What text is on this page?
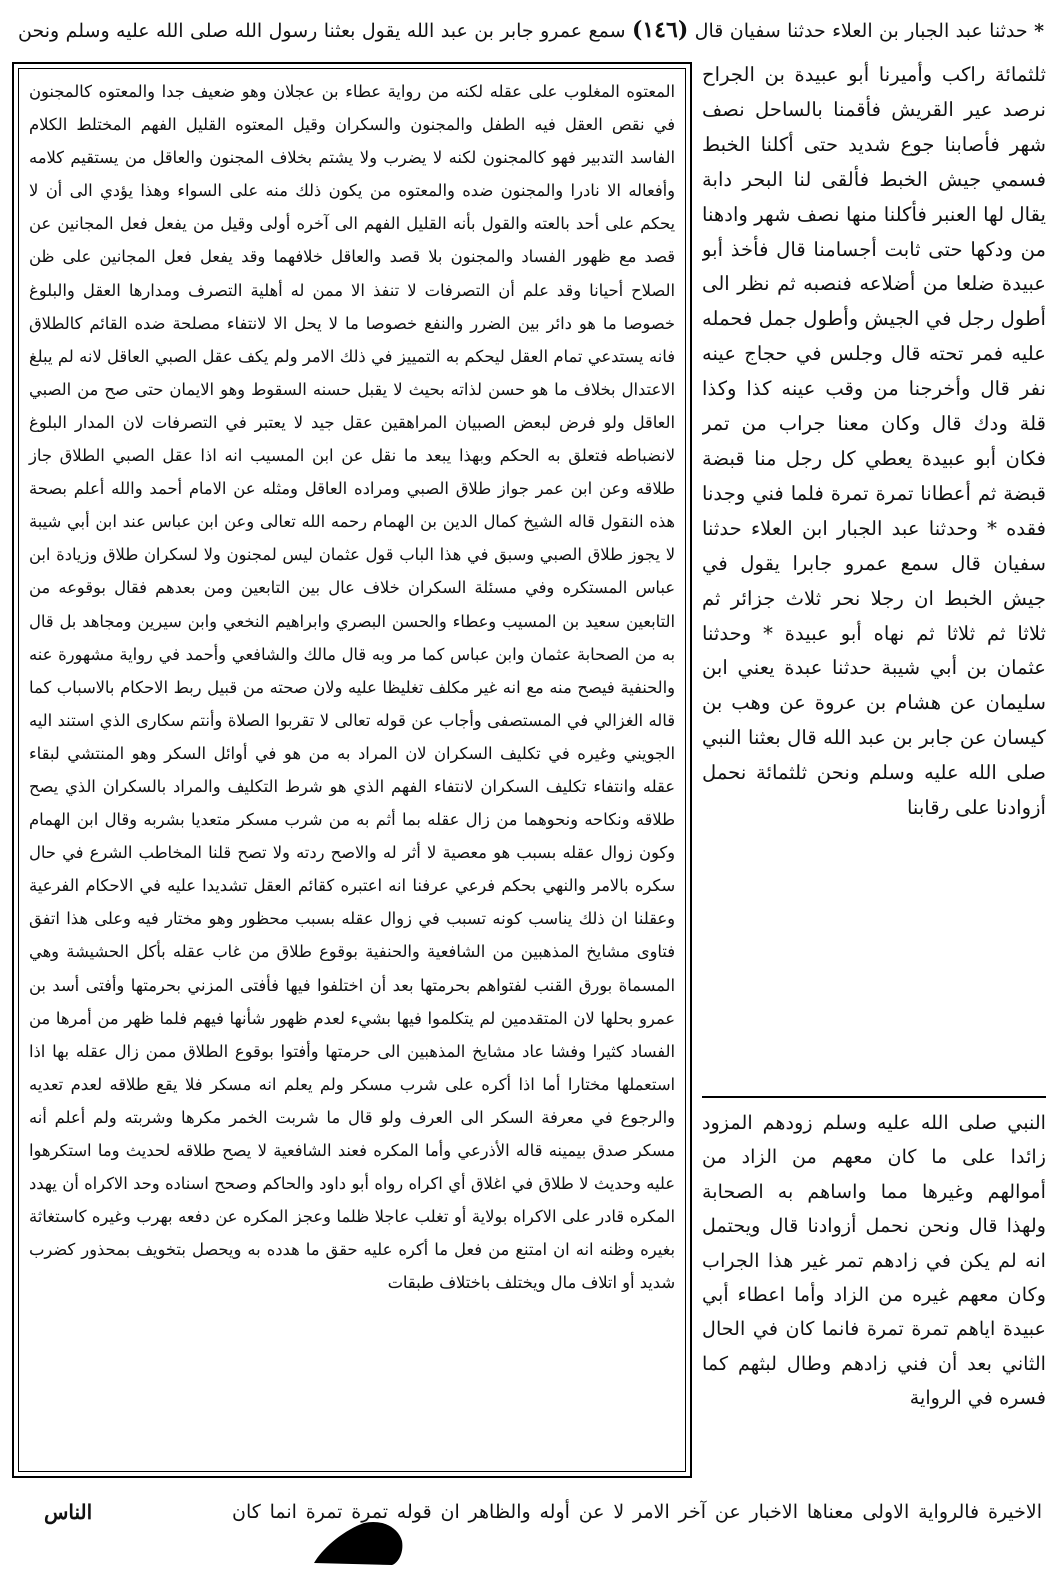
* حدثنا عبد الجبار بن العلاء حدثنا سفيان قال (١٤٦) سمع عمرو جابر بن عبد الله يقول بعثنا رسول الله صلى الله عليه وسلم ونحن

ثلثمائة راكب وأميرنا أبو عبيدة بن الجراح نرصد عير القريش فأقمنا بالساحل نصف شهر فأصابنا جوع شديد حتى أكلنا الخبط فسمي جيش الخبط فألقى لنا البحر دابة يقال لها العنبر فأكلنا منها نصف شهر وادهنا من ودكها حتى ثابت أجسامنا قال فأخذ أبو عبيدة ضلعا من أضلاعه فنصبه ثم نظر الى أطول رجل في الجيش وأطول جمل فحمله عليه فمر تحته قال وجلس في حجاج عينه نفر قال وأخرجنا من وقب عينه كذا وكذا قلة ودك قال وكان معنا جراب من تمر فكان أبو عبيدة يعطي كل رجل منا قبضة قبضة ثم أعطانا تمرة تمرة فلما فني وجدنا فقده * وحدثنا عبد الجبار ابن العلاء حدثنا سفيان قال سمع عمرو جابرا يقول في جيش الخبط ان رجلا نحر ثلاث جزائر ثم ثلاثا ثم ثلاثا ثم نهاه أبو عبيدة * وحدثنا عثمان بن أبي شيبة حدثنا عبدة يعني ابن سليمان عن هشام بن عروة عن وهب بن كيسان عن جابر بن عبد الله قال بعثنا النبي صلى الله عليه وسلم ونحن ثلثمائة نحمل أزوادنا على رقابنا

النبي صلى الله عليه وسلم زودهم المزود زائدا على ما كان معهم من الزاد من أموالهم وغيرها مما واساهم به الصحابة ولهذا قال ونحن نحمل أزوادنا قال ويحتمل انه لم يكن في زادهم تمر غير هذا الجراب وكان معهم غيره من الزاد وأما اعطاء أبي عبيدة اياهم تمرة تمرة فانما كان في الحال الثاني بعد أن فني زادهم وطال لبثهم كما فسره في الرواية

المعتوه المغلوب على عقله لكنه من رواية عطاء بن عجلان وهو ضعيف جدا والمعتوه كالمجنون في نقص العقل فيه الطفل والمجنون والسكران وقيل المعتوه القليل الفهم المختلط الكلام الفاسد التدبير فهو كالمجنون لكنه لا يضرب ولا يشتم بخلاف المجنون والعاقل من يستقيم كلامه وأفعاله الا نادرا والمجنون ضده والمعتوه من يكون ذلك منه على السواء وهذا يؤدي الى أن لا يحكم على أحد بالعته والقول بأنه القليل الفهم الى آخره أولى وقيل من يفعل فعل المجانين عن قصد مع ظهور الفساد والمجنون بلا قصد والعاقل خلافهما وقد يفعل فعل المجانين على ظن الصلاح أحيانا وقد علم أن التصرفات لا تنفذ الا ممن له أهلية التصرف ومدارها العقل والبلوغ خصوصا ما هو دائر بين الضرر والنفع خصوصا ما لا يحل الا لانتفاء مصلحة ضده القائم كالطلاق فانه يستدعي تمام العقل ليحكم به التمييز في ذلك الامر ولم يكف عقل الصبي العاقل لانه لم يبلغ الاعتدال بخلاف ما هو حسن لذاته بحيث لا يقبل حسنه السقوط وهو الايمان حتى صح من الصبي العاقل ولو فرض لبعض الصبيان المراهقين عقل جيد لا يعتبر في التصرفات لان المدار البلوغ لانضباطه فتعلق به الحكم وبهذا يبعد ما نقل عن ابن المسيب انه اذا عقل الصبي الطلاق جاز طلاقه وعن ابن عمر جواز طلاق الصبي ومراده العاقل ومثله عن الامام أحمد والله أعلم بصحة هذه النقول قاله الشيخ كمال الدين بن الهمام رحمه الله تعالى وعن ابن عباس عند ابن أبي شيبة لا يجوز طلاق الصبي وسبق في هذا الباب قول عثمان ليس لمجنون ولا لسكران طلاق وزيادة ابن عباس المستكره وفي مسئلة السكران خلاف عال بين التابعين ومن بعدهم فقال بوقوعه من التابعين سعيد بن المسيب وعطاء والحسن البصري وابراهيم النخعي وابن سيرين ومجاهد بل قال به من الصحابة عثمان وابن عباس كما مر وبه قال مالك والشافعي وأحمد في رواية مشهورة عنه والحنفية فيصح منه مع انه غير مكلف تغليظا عليه ولان صحته من قبيل ربط الاحكام بالاسباب كما قاله الغزالي في المستصفى وأجاب عن قوله تعالى لا تقربوا الصلاة وأنتم سكارى الذي استند اليه الجويني وغيره في تكليف السكران لان المراد به من هو في أوائل السكر وهو المنتشي لبقاء عقله وانتفاء تكليف السكران لانتفاء الفهم الذي هو شرط التكليف والمراد بالسكران الذي يصح طلاقه ونكاحه ونحوهما من زال عقله بما أثم به من شرب مسكر متعديا بشربه وقال ابن الهمام وكون زوال عقله بسبب هو معصية لا أثر له والاصح ردته ولا تصح قلنا المخاطب الشرع في حال سكره بالامر والنهي بحكم فرعي عرفنا انه اعتبره كقائم العقل تشديدا عليه في الاحكام الفرعية وعقلنا ان ذلك يناسب كونه تسبب في زوال عقله بسبب محظور وهو مختار فيه وعلى هذا اتفق فتاوى مشايخ المذهبين من الشافعية والحنفية بوقوع طلاق من غاب عقله بأكل الحشيشة وهي المسماة بورق القنب لفتواهم بحرمتها بعد أن اختلفوا فيها فأفتى المزني بحرمتها وأفتى أسد بن عمرو بحلها لان المتقدمين لم يتكلموا فيها بشيء لعدم ظهور شأنها فيهم فلما ظهر من أمرها من الفساد كثيرا وفشا عاد مشايخ المذهبين الى حرمتها وأفتوا بوقوع الطلاق ممن زال عقله بها اذا استعملها مختارا أما اذا أكره على شرب مسكر ولم يعلم انه مسكر فلا يقع طلاقه لعدم تعديه والرجوع في معرفة السكر الى العرف ولو قال ما شربت الخمر مكرها وشربته ولم أعلم أنه مسكر صدق بيمينه قاله الأذرعي وأما المكره فعند الشافعية لا يصح طلاقه لحديث وما استكرهوا عليه وحديث لا طلاق في اغلاق أي اكراه رواه أبو داود والحاكم وصحح اسناده وحد الاكراه أن يهدد المكره قادر على الاكراه بولاية أو تغلب عاجلا ظلما وعجز المكره عن دفعه بهرب وغيره كاستغاثة بغيره وظنه انه ان امتنع من فعل ما أكره عليه حقق ما هدده به ويحصل بتخويف بمحذور كضرب شديد أو اتلاف مال ويختلف باختلاف طبقات

الاخيرة فالرواية الاولى معناها الاخبار عن آخر الامر لا عن أوله والظاهر ان قوله تمرة تمرة انما كان
الناس
